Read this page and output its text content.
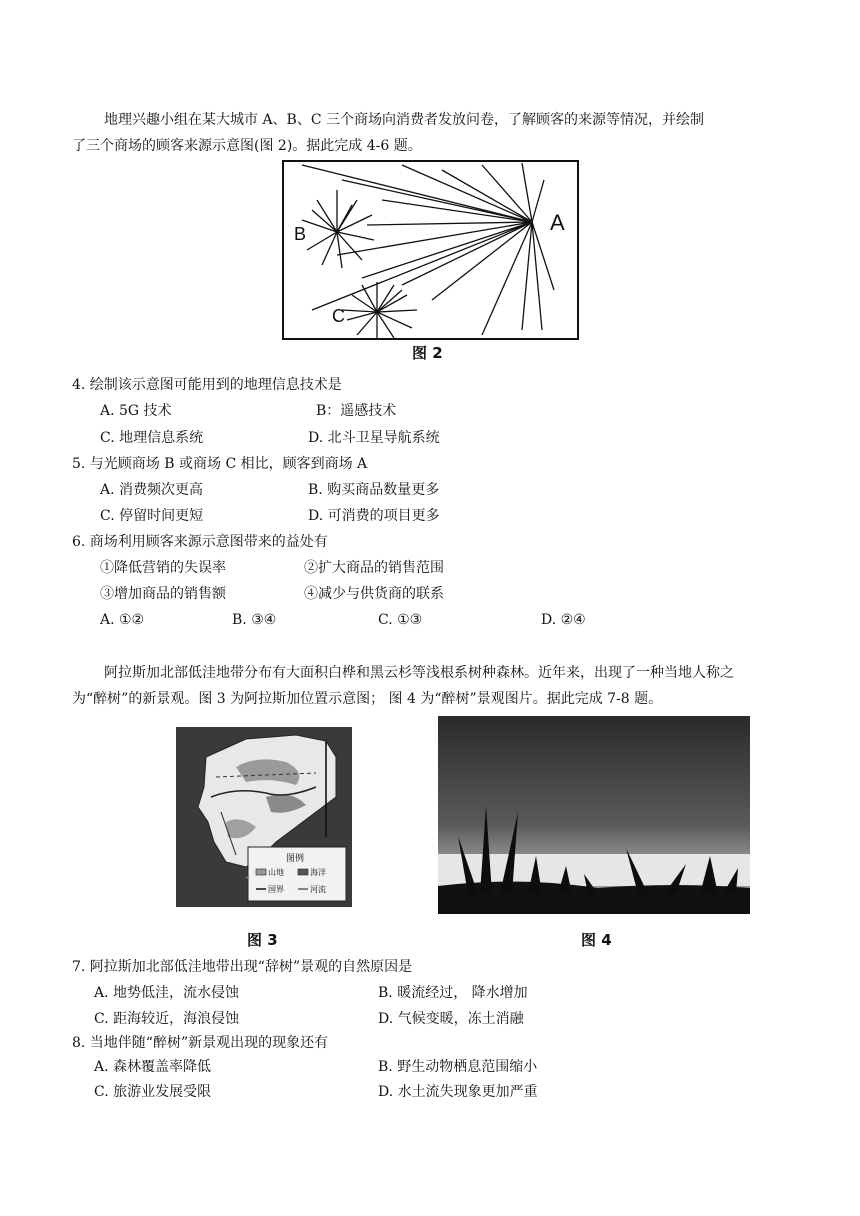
地理兴趣小组在某大城市 A、B、C 三个商场向消费者发放问卷，了解顾客的来源等情况，并绘制
了三个商场的顾客来源示意图(图 2)。据此完成 4-6 题。
A
B
C
图 2
4. 绘制该示意图可能用到的地理信息技术是
A. 5G 技术	B：遥感技术
C. 地理信息系统	D. 北斗卫星导航系统
5. 与光顾商场 B 或商场 C 相比，顾客到商场 A
A. 消费频次更高	B. 购买商品数量更多
C. 停留时间更短	D. 可消费的项目更多
6. 商场利用顾客来源示意图带来的益处有
①降低营销的失误率	②扩大商品的销售范围
③增加商品的销售额	④减少与供货商的联系
A. ①②	B. ③④	C. ①③	D. ②④
阿拉斯加北部低洼地带分布有大面积白桦和黑云杉等浅根系树种森林。近年来，出现了一种当地人称之
为“醉树”的新景观。图 3 为阿拉斯加位置示意图； 图 4 为“醉树”景观图片。据此完成 7-8 题。
图例
山地	海洋
国界	河流
图 3	图 4
7. 阿拉斯加北部低洼地带出现“辞树”景观的自然原因是
A. 地势低洼，流水侵蚀	B. 暖流经过， 降水增加
C. 距海较近，海浪侵蚀	D. 气候变暖，冻土消融
8. 当地伴随“醉树”新景观出现的现象还有
A. 森林覆盖率降低	B. 野生动物栖息范围缩小
C. 旅游业发展受限	D. 水土流失现象更加严重
